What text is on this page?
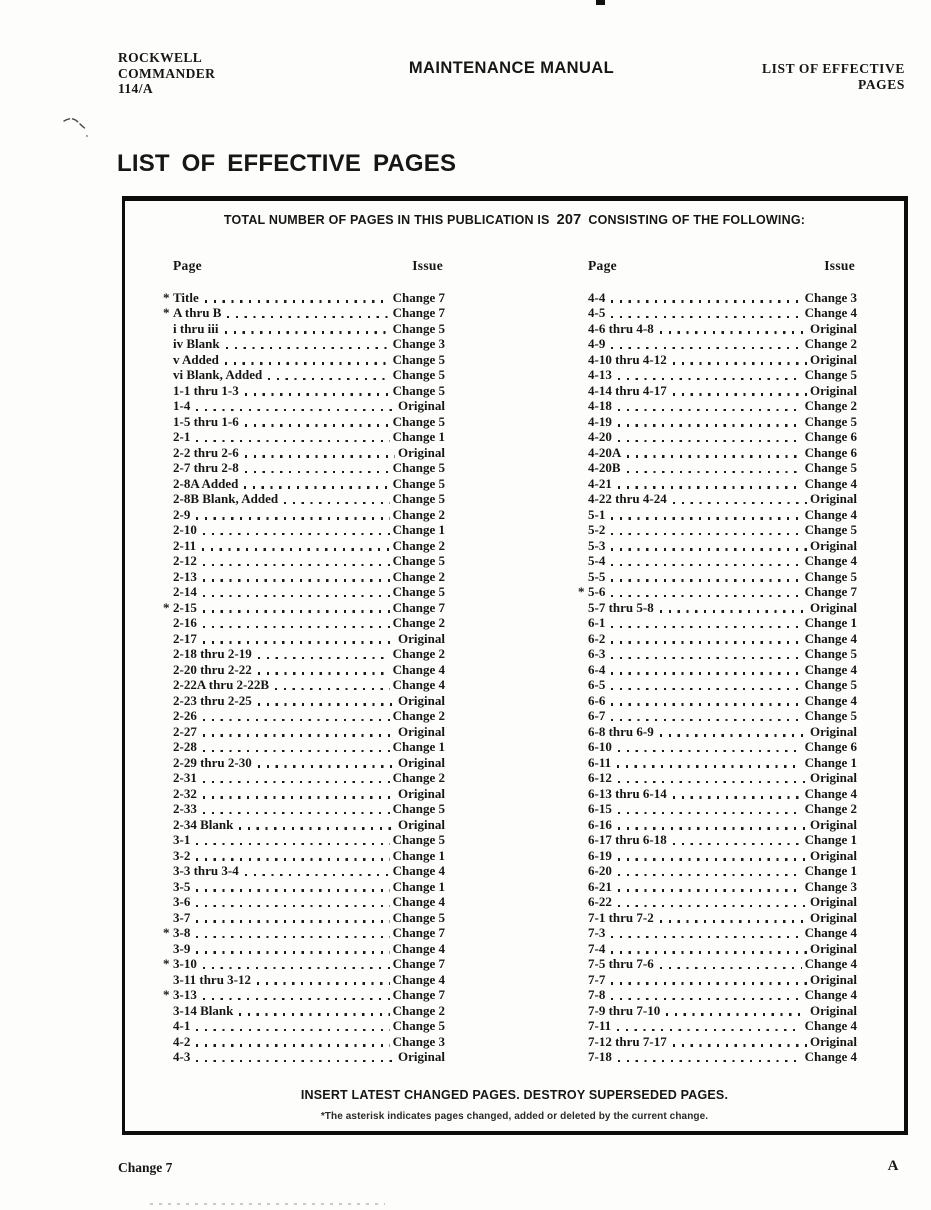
ROCKWELL
COMMANDER
114/A
MAINTENANCE MANUAL	LIST OF EFFECTIVE
PAGES
LIST OF EFFECTIVE PAGES
TOTAL NUMBER OF PAGES IN THIS PUBLICATION IS 207 CONSISTING OF THE FOLLOWING:
Page	Issue
* Title	Change 7
* A thru B	Change 7
i thru iii	Change 5
iv Blank	Change 3
v Added	Change 5
vi Blank, Added	Change 5
1-1 thru 1-3	Change 5
1-4	Original
1-5 thru 1-6	Change 5
2-1	Change 1
2-2 thru 2-6	Original
2-7 thru 2-8	Change 5
2-8A Added	Change 5
2-8B Blank, Added	Change 5
2-9	Change 2
2-10	Change 1
2-11	Change 2
2-12	Change 5
2-13	Change 2
2-14	Change 5
* 2-15	Change 7
2-16	Change 2
2-17	Original
2-18 thru 2-19	Change 2
2-20 thru 2-22	Change 4
2-22A thru 2-22B	Change 4
2-23 thru 2-25	Original
2-26	Change 2
2-27	Original
2-28	Change 1
2-29 thru 2-30	Original
2-31	Change 2
2-32	Original
2-33	Change 5
2-34 Blank	Original
3-1	Change 5
3-2	Change 1
3-3 thru 3-4	Change 4
3-5	Change 1
3-6	Change 4
3-7	Change 5
* 3-8	Change 7
3-9	Change 4
* 3-10	Change 7
3-11 thru 3-12	Change 4
* 3-13	Change 7
3-14 Blank	Change 2
4-1	Change 5
4-2	Change 3
4-3	Original
Page	Issue
4-4	Change 3
4-5	Change 4
4-6 thru 4-8	Original
4-9	Change 2
4-10 thru 4-12	Original
4-13	Change 5
4-14 thru 4-17	Original
4-18	Change 2
4-19	Change 5
4-20	Change 6
4-20A	Change 6
4-20B	Change 5
4-21	Change 4
4-22 thru 4-24	Original
5-1	Change 4
5-2	Change 5
5-3	Original
5-4	Change 4
5-5	Change 5
* 5-6	Change 7
5-7 thru 5-8	Original
6-1	Change 1
6-2	Change 4
6-3	Change 5
6-4	Change 4
6-5	Change 5
6-6	Change 4
6-7	Change 5
6-8 thru 6-9	Original
6-10	Change 6
6-11	Change 1
6-12	Original
6-13 thru 6-14	Change 4
6-15	Change 2
6-16	Original
6-17 thru 6-18	Change 1
6-19	Original
6-20	Change 1
6-21	Change 3
6-22	Original
7-1 thru 7-2	Original
7-3	Change 4
7-4	Original
7-5 thru 7-6	Change 4
7-7	Original
7-8	Change 4
7-9 thru 7-10	Original
7-11	Change 4
7-12 thru 7-17	Original
7-18	Change 4
INSERT LATEST CHANGED PAGES. DESTROY SUPERSEDED PAGES.
*The asterisk indicates pages changed, added or deleted by the current change.
Change 7	A
